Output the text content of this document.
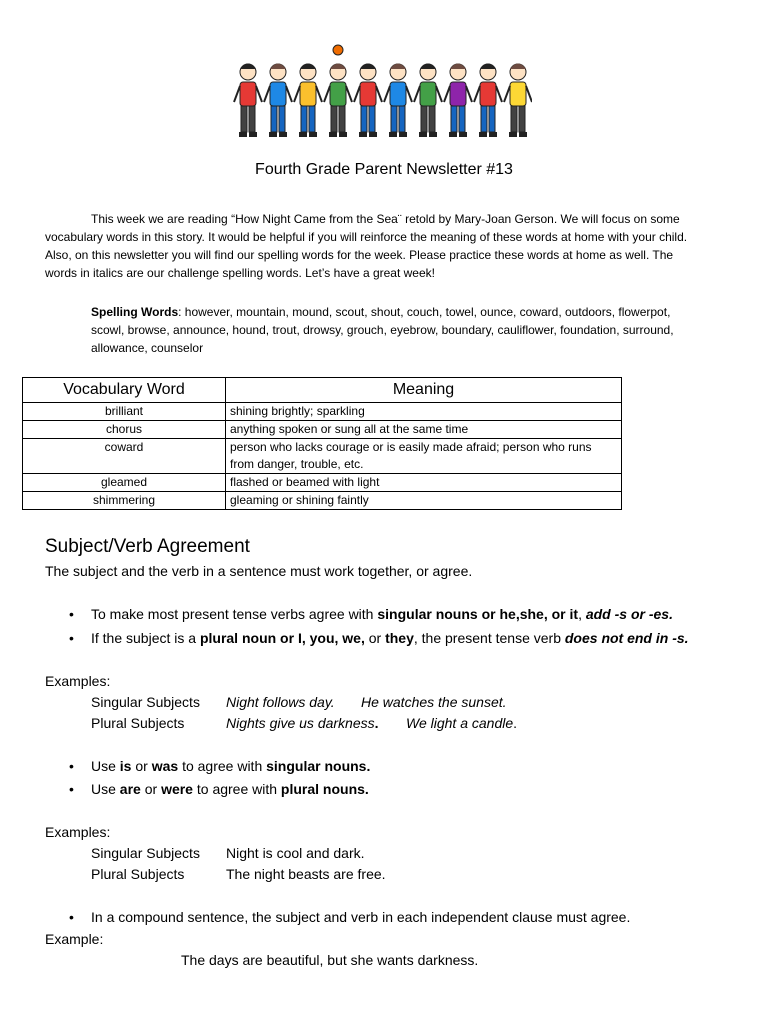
Fourth Grade Parent Newsletter #13
This week we are reading “How Night Came from the Sea¨ retold by Mary-Joan Gerson. We will focus on some
vocabulary words in this story. It would be helpful if you will reinforce the meaning of these words at home with your child.
Also, on this newsletter you will find our spelling words for the week. Please practice these words at home as well. The
words in italics are our challenge spelling words. Let’s have a great week!
Spelling Words: however, mountain, mound, scout, shout, couch, towel, ounce, coward, outdoors, flowerpot, scowl, browse, announce, hound, trout, drowsy, grouch, eyebrow, boundary, cauliflower, foundation, surround, allowance, counselor
Vocabulary Word	Meaning
brilliant	shining brightly; sparkling
chorus	anything spoken or sung all at the same time
coward	person who lacks courage or is easily made afraid; person who runs from danger, trouble, etc.
gleamed	flashed or beamed with light
shimmering	gleaming or shining faintly
Subject/Verb Agreement
The subject and the verb in a sentence must work together, or agree.
• To make most present tense verbs agree with singular nouns or he,she, or it, add -s or -es.
• If the subject is a plural noun or I, you, we, or they, the present tense verb does not end in -s.
Examples:
Singular Subjects Night follows day. He watches the sunset.
Plural Subjects	Nights give us darkness. We light a candle.
• Use is or was to agree with singular nouns.
• Use are or were to agree with plural nouns.
Examples:
Singular Subjects Night is cool and dark.
Plural Subjects	The night beasts are free.
• In a compound sentence, the subject and verb in each independent clause must agree.
Example:
The days are beautiful, but she wants darkness.
